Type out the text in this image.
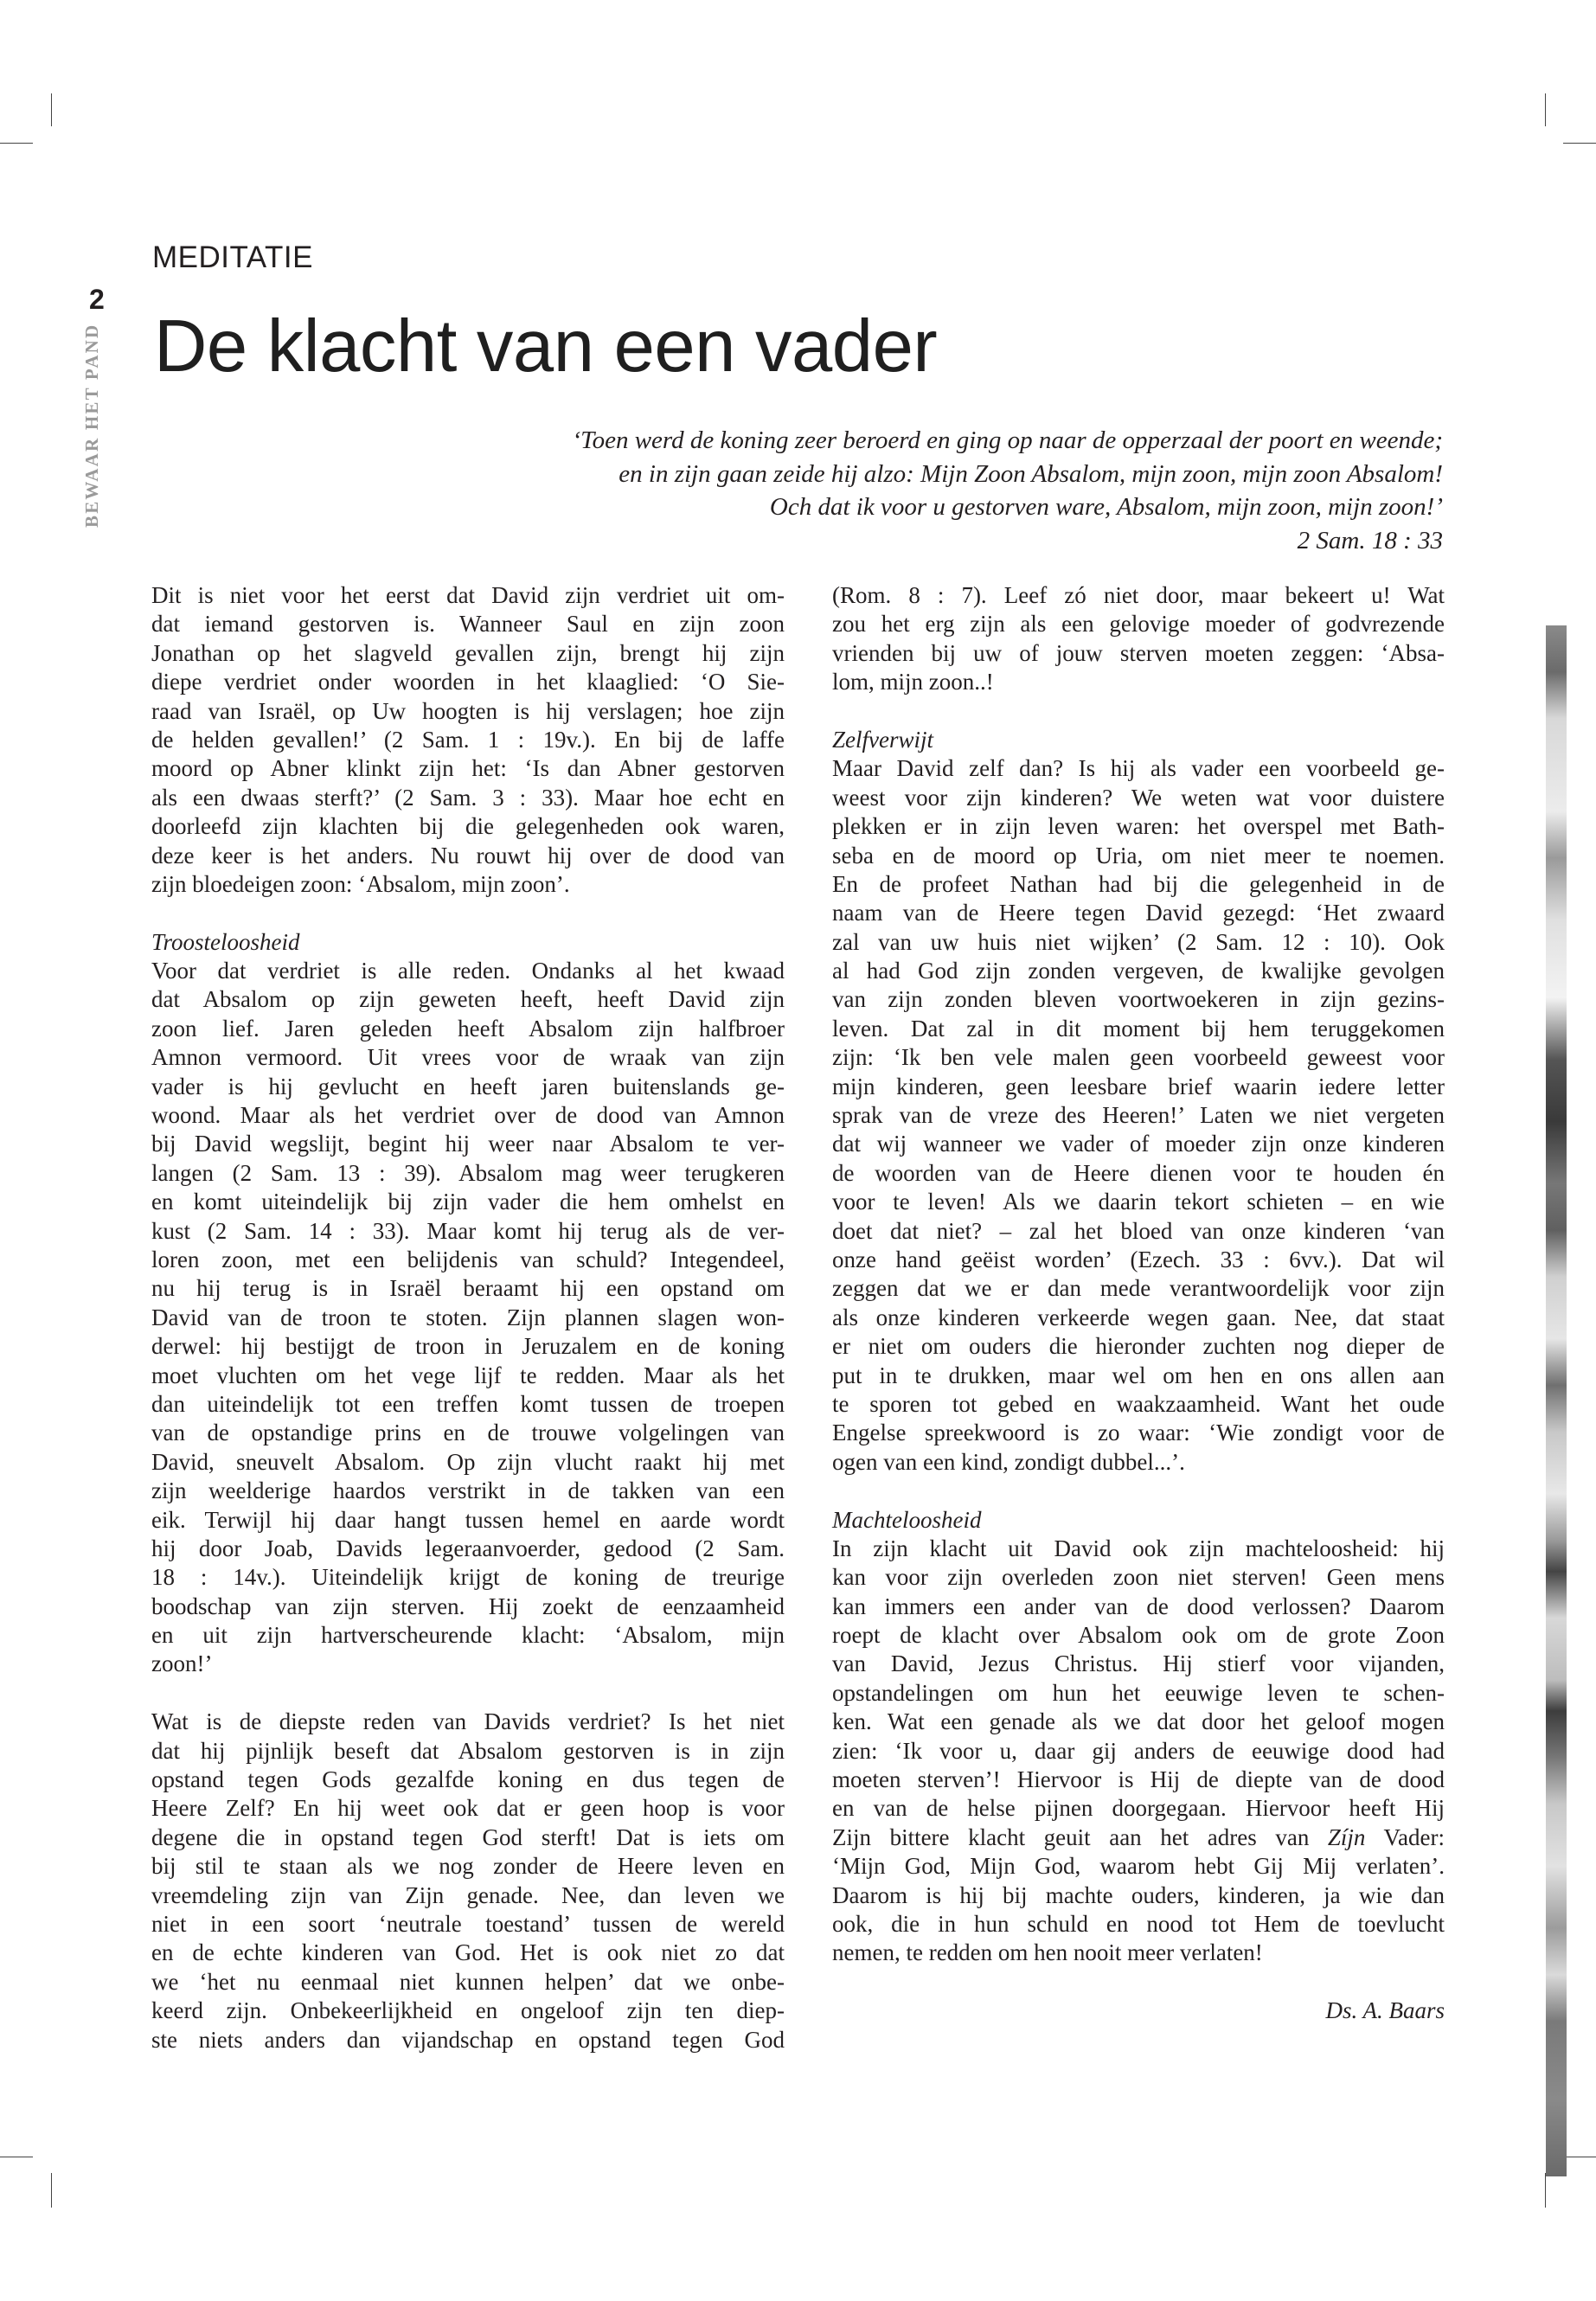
MEDITATIE
2
BEWAAR HET PAND De klacht van een vader
‘Toen werd de koning zeer beroerd en ging op naar de opperzaal der poort en weende;
en in zijn gaan zeide hij alzo: Mijn Zoon Absalom, mijn zoon, mijn zoon Absalom!
Och dat ik voor u gestorven ware, Absalom, mijn zoon, mijn zoon!’
2 Sam. 18 : 33
Dit is niet voor het eerst dat David zijn verdriet uit om-
dat iemand gestorven is. Wanneer Saul en zijn zoon
Jonathan op het slagveld gevallen zijn, brengt hij zijn
diepe verdriet onder woorden in het klaaglied: ‘O Sie-
raad van Israël, op Uw hoogten is hij verslagen; hoe zijn
de helden gevallen!’ (2 Sam. 1 : 19v.). En bij de laffe
moord op Abner klinkt zijn het: ‘Is dan Abner gestorven
als een dwaas sterft?’ (2 Sam. 3 : 33). Maar hoe echt en
doorleefd zijn klachten bij die gelegenheden ook waren,
deze keer is het anders. Nu rouwt hij over de dood van
zijn bloedeigen zoon: ‘Absalom, mijn zoon’.
Troosteloosheid
Voor dat verdriet is alle reden. Ondanks al het kwaad
dat Absalom op zijn geweten heeft, heeft David zijn
zoon lief. Jaren geleden heeft Absalom zijn halfbroer
Amnon vermoord. Uit vrees voor de wraak van zijn
vader is hij gevlucht en heeft jaren buitenslands ge-
woond. Maar als het verdriet over de dood van Amnon
bij David wegslijt, begint hij weer naar Absalom te ver-
langen (2 Sam. 13 : 39). Absalom mag weer terugkeren
en komt uiteindelijk bij zijn vader die hem omhelst en
kust (2 Sam. 14 : 33). Maar komt hij terug als de ver-
loren zoon, met een belijdenis van schuld? Integendeel,
nu hij terug is in Israël beraamt hij een opstand om
David van de troon te stoten. Zijn plannen slagen won-
derwel: hij bestijgt de troon in Jeruzalem en de koning
moet vluchten om het vege lijf te redden. Maar als het
dan uiteindelijk tot een treffen komt tussen de troepen
van de opstandige prins en de trouwe volgelingen van
David, sneuvelt Absalom. Op zijn vlucht raakt hij met
zijn weelderige haardos verstrikt in de takken van een
eik. Terwijl hij daar hangt tussen hemel en aarde wordt
hij door Joab, Davids legeraanvoerder, gedood (2 Sam.
18 : 14v.). Uiteindelijk krijgt de koning de treurige
boodschap van zijn sterven. Hij zoekt de eenzaamheid
en uit zijn hartverscheurende klacht: ‘Absalom, mijn
zoon!’
Wat is de diepste reden van Davids verdriet? Is het niet
dat hij pijnlijk beseft dat Absalom gestorven is in zijn
opstand tegen Gods gezalfde koning en dus tegen de
Heere Zelf? En hij weet ook dat er geen hoop is voor
degene die in opstand tegen God sterft! Dat is iets om
bij stil te staan als we nog zonder de Heere leven en
vreemdeling zijn van Zijn genade. Nee, dan leven we
niet in een soort ‘neutrale toestand’ tussen de wereld
en de echte kinderen van God. Het is ook niet zo dat
we ‘het nu eenmaal niet kunnen helpen’ dat we onbe-
keerd zijn. Onbekeerlijkheid en ongeloof zijn ten diep-
ste niets anders dan vijandschap en opstand tegen God
(Rom. 8 : 7). Leef zó niet door, maar bekeert u! Wat
zou het erg zijn als een gelovige moeder of godvrezende
vrienden bij uw of jouw sterven moeten zeggen: ‘Absa-
lom, mijn zoon..!
Zelfverwijt
Maar David zelf dan? Is hij als vader een voorbeeld ge-
weest voor zijn kinderen? We weten wat voor duistere
plekken er in zijn leven waren: het overspel met Bath-
seba en de moord op Uria, om niet meer te noemen.
En de profeet Nathan had bij die gelegenheid in de
naam van de Heere tegen David gezegd: ‘Het zwaard
zal van uw huis niet wijken’ (2 Sam. 12 : 10). Ook
al had God zijn zonden vergeven, de kwalijke gevolgen
van zijn zonden bleven voortwoekeren in zijn gezins-
leven. Dat zal in dit moment bij hem teruggekomen
zijn: ‘Ik ben vele malen geen voorbeeld geweest voor
mijn kinderen, geen leesbare brief waarin iedere letter
sprak van de vreze des Heeren!’ Laten we niet vergeten
dat wij wanneer we vader of moeder zijn onze kinderen
de woorden van de Heere dienen voor te houden én
voor te leven! Als we daarin tekort schieten – en wie
doet dat niet? – zal het bloed van onze kinderen ‘van
onze hand geëist worden’ (Ezech. 33 : 6vv.). Dat wil
zeggen dat we er dan mede verantwoordelijk voor zijn
als onze kinderen verkeerde wegen gaan. Nee, dat staat
er niet om ouders die hieronder zuchten nog dieper de
put in te drukken, maar wel om hen en ons allen aan
te sporen tot gebed en waakzaamheid. Want het oude
Engelse spreekwoord is zo waar: ‘Wie zondigt voor de
ogen van een kind, zondigt dubbel...’.
Machteloosheid
In zijn klacht uit David ook zijn machteloosheid: hij
kan voor zijn overleden zoon niet sterven! Geen mens
kan immers een ander van de dood verlossen? Daarom
roept de klacht over Absalom ook om de grote Zoon
van David, Jezus Christus. Hij stierf voor vijanden,
opstandelingen om hun het eeuwige leven te schen-
ken. Wat een genade als we dat door het geloof mogen
zien: ‘Ik voor u, daar gij anders de eeuwige dood had
moeten sterven’! Hiervoor is Hij de diepte van de dood
en van de helse pijnen doorgegaan. Hiervoor heeft Hij
Zijn bittere klacht geuit aan het adres van Zíjn Vader:
‘Mijn God, Mijn God, waarom hebt Gij Mij verlaten’.
Daarom is hij bij machte ouders, kinderen, ja wie dan
ook, die in hun schuld en nood tot Hem de toevlucht
nemen, te redden om hen nooit meer verlaten!
Ds. A. Baars
